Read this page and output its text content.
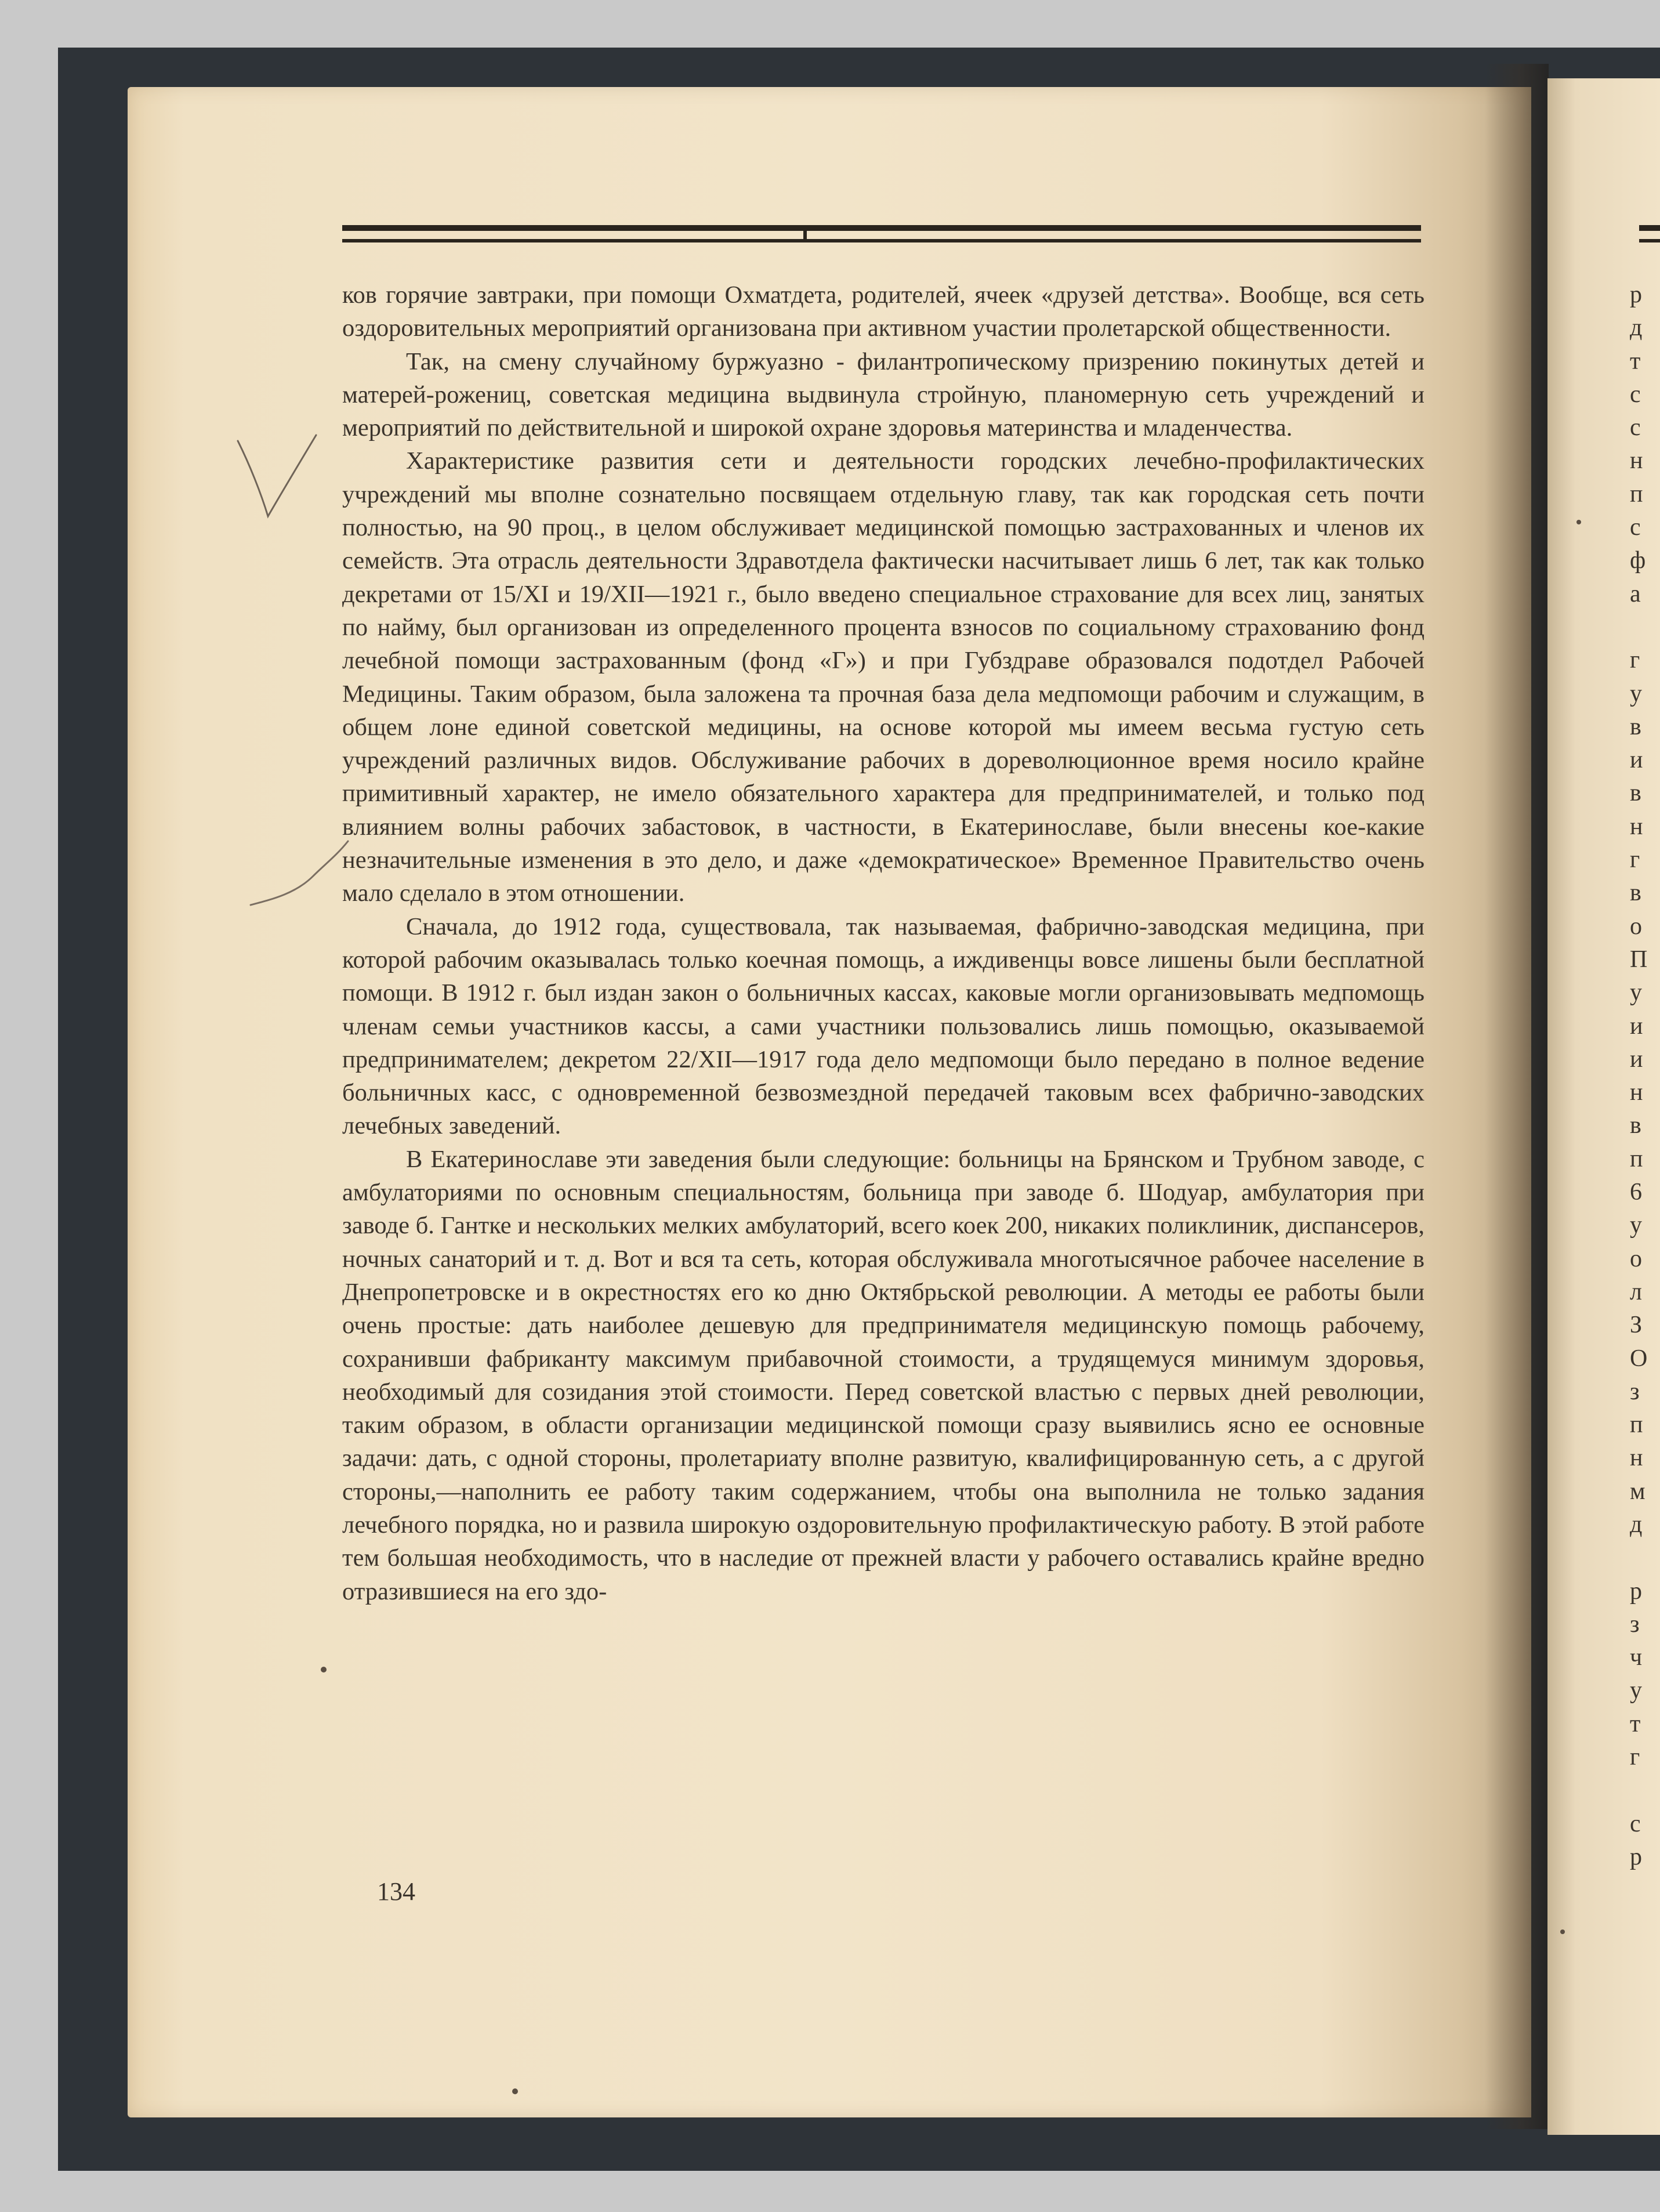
ков горячие завтраки, при помощи Охматдета, родителей, ячеек «друзей детства». Вообще, вся сеть оздоровительных мероприятий организована при активном участии пролетарской общественности.

Так, на смену случайному буржуазно - филантропическому призрению покинутых детей и матерей-рожениц, советская медицина выдвинула стройную, планомерную сеть учреждений и мероприятий по действительной и широкой охране здоровья материнства и младенчества.

Характеристике развития сети и деятельности городских лечебно-профилактических учреждений мы вполне сознательно посвящаем отдельную главу, так как городская сеть почти полностью, на 90 проц., в целом обслуживает медицинской помощью застрахованных и членов их семейств. Эта отрасль деятельности Здравотдела фактически насчитывает лишь 6 лет, так как только декретами от 15/XI и 19/XII—1921 г., было введено специальное страхование для всех лиц, занятых по найму, был организован из определенного процента взносов по социальному страхованию фонд лечебной помощи застрахованным (фонд «Г») и при Губздраве образовался подотдел Рабочей Медицины. Таким образом, была заложена та прочная база дела медпомощи рабочим и служащим, в общем лоне единой советской медицины, на основе которой мы имеем весьма густую сеть учреждений различных видов. Обслуживание рабочих в дореволюционное время носило крайне примитивный характер, не имело обязательного характера для предпринимателей, и только под влиянием волны рабочих забастовок, в частности, в Екатеринославе, были внесены кое-какие незначительные изменения в это дело, и даже «демократическое» Временное Правительство очень мало сделало в этом отношении.

Сначала, до 1912 года, существовала, так называемая, фабрично-заводская медицина, при которой рабочим оказывалась только коечная помощь, а иждивенцы вовсе лишены были бесплатной помощи. В 1912 г. был издан закон о больничных кассах, каковые могли организовывать медпомощь членам семьи участников кассы, а сами участники пользовались лишь помощью, оказываемой предпринимателем; декретом 22/XII—1917 года дело медпомощи было передано в полное ведение больничных касс, с одновременной безвозмездной передачей таковым всех фабрично-заводских лечебных заведений.

В Екатеринославе эти заведения были следующие: больницы на Брянском и Трубном заводе, с амбулаториями по основным специальностям, больница при заводе б. Шодуар, амбулатория при заводе б. Гантке и нескольких мелких амбулаторий, всего коек 200, никаких поликлиник, диспансеров, ночных санаторий и т. д. Вот и вся та сеть, которая обслуживала многотысячное рабочее население в Днепропетровске и в окрестностях его ко дню Октябрьской революции. А методы ее работы были очень простые: дать наиболее дешевую для предпринимателя медицинскую помощь рабочему, сохранивши фабриканту максимум прибавочной стоимости, а трудящемуся минимум здоровья, необходимый для созидания этой стоимости. Перед советской властью с первых дней революции, таким образом, в области организации медицинской помощи сразу выявились ясно ее основные задачи: дать, с одной стороны, пролетариату вполне развитую, квалифицированную сеть, а с другой стороны,—наполнить ее работу таким содержанием, чтобы она выполнила не только задания лечебного порядка, но и развила широкую оздоровительную профилактическую работу. В этой работе тем большая необходимость, что в наследие от прежней власти у рабочего оставались крайне вредно отразившиеся на его здо-

134
р
д
т
с
с
н
п
с
ф
а
г
у
в
и
в
н
г
в
о
П
у
и
и
н
в
п
6
у
о
л
З
О
з
п
н
м
д
р
з
ч
у
т
г
с
р
